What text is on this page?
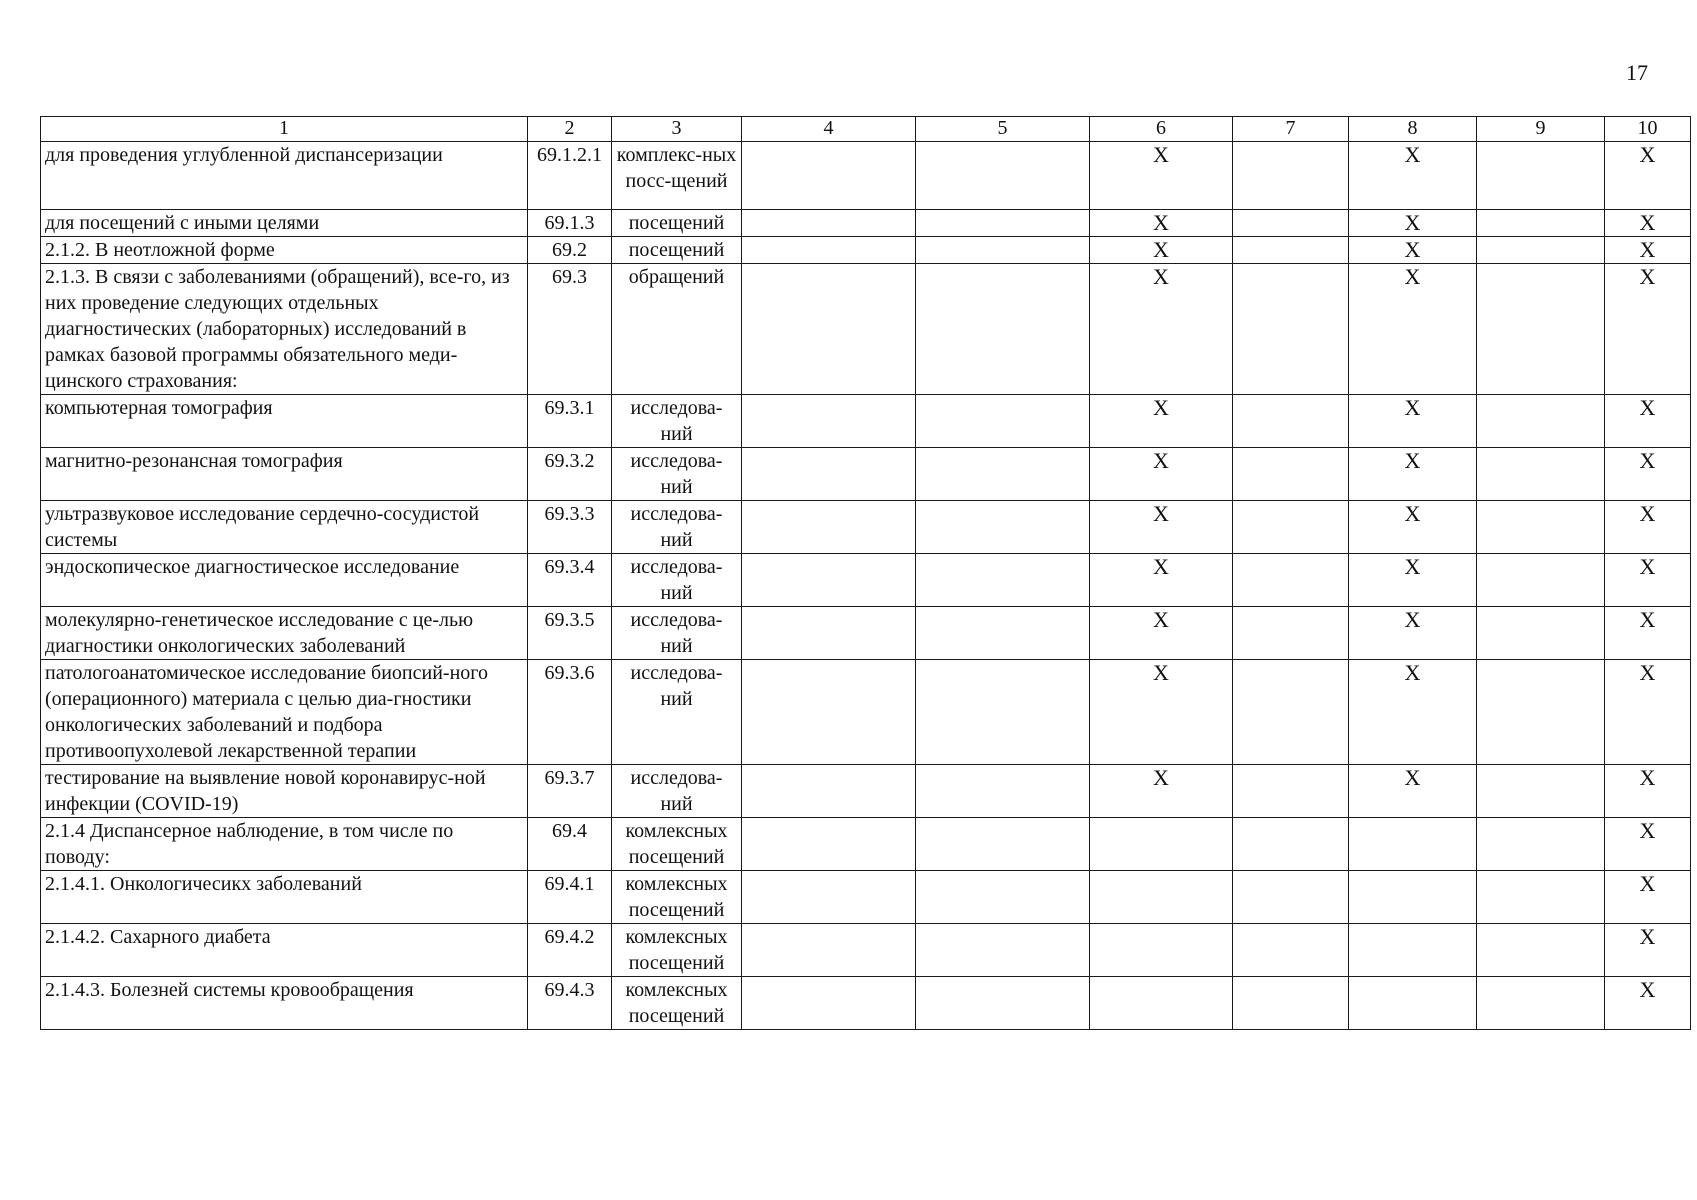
17
1	2	3	4	5	6	7	8	9	10
для проведения углубленной диспансеризации	69.1.2.1	комплекс-ных посс-щений			X		X		X
для посещений с иными целями	69.1.3	посещений			X		X		X
2.1.2. В неотложной форме	69.2	посещений			X		X		X
2.1.3. В связи с заболеваниями (обращений), все-го, из них проведение следующих отдельных диагностических (лабораторных) исследований в рамках базовой программы обязательного меди-цинского страхования:	69.3	обращений			X		X		X
компьютерная томография	69.3.1	исследова-ний			X		X		X
магнитно-резонансная томография	69.3.2	исследова-ний			X		X		X
ультразвуковое исследование сердечно-сосудистой системы	69.3.3	исследова-ний			X		X		X
эндоскопическое диагностическое исследование	69.3.4	исследова-ний			X		X		X
молекулярно-генетическое исследование с це-лью диагностики онкологических заболеваний	69.3.5	исследова-ний			X		X		X
патологоанатомическое исследование биопсий-ного (операционного) материала с целью диа-гностики онкологических заболеваний и подбора противоопухолевой лекарственной терапии	69.3.6	исследова-ний			X		X		X
тестирование на выявление новой коронавирус-ной инфекции (COVID-19)	69.3.7	исследова-ний			X		X		X
2.1.4 Диспансерное наблюдение, в том числе по поводу:	69.4	комлексных посещений							X
2.1.4.1. Онкологичесикх заболеваний	69.4.1	комлексных посещений							X
2.1.4.2. Сахарного диабета	69.4.2	комлексных посещений							X
2.1.4.3. Болезней системы кровообращения	69.4.3	комлексных посещений							X
